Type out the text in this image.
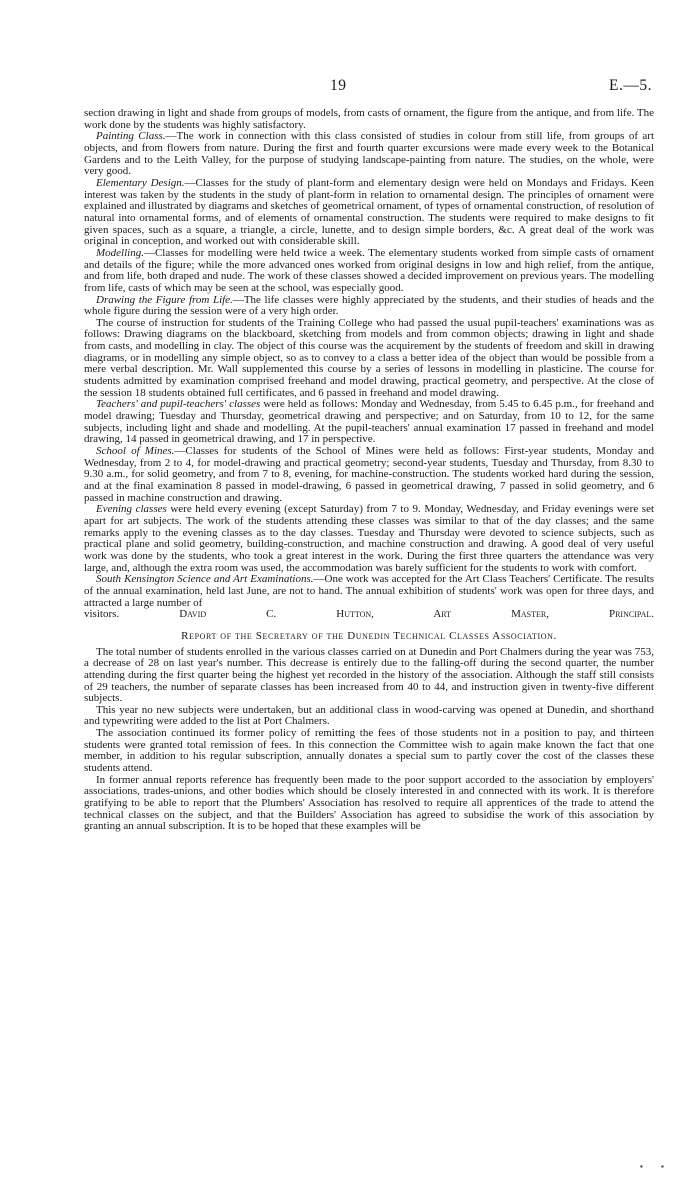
19	E.—5.

section drawing in light and shade from groups of models, from casts of ornament, the figure from the antique, and from life. The work done by the students was highly satisfactory.

Painting Class.—The work in connection with this class consisted of studies in colour from still life, from groups of art objects, and from flowers from nature. During the first and fourth quarter excursions were made every week to the Botanical Gardens and to the Leith Valley, for the purpose of studying landscape-painting from nature. The studies, on the whole, were very good.

Elementary Design.—Classes for the study of plant-form and elementary design were held on Mondays and Fridays. Keen interest was taken by the students in the study of plant-form in relation to ornamental design. The principles of ornament were explained and illustrated by diagrams and sketches of geometrical ornament, of types of ornamental construction, of resolution of natural into ornamental forms, and of elements of ornamental construction. The students were required to make designs to fit given spaces, such as a square, a triangle, a circle, lunette, and to design simple borders, &c. A great deal of the work was original in conception, and worked out with considerable skill.

Modelling.—Classes for modelling were held twice a week. The elementary students worked from simple casts of ornament and details of the figure; while the more advanced ones worked from original designs in low and high relief, from the antique, and from life, both draped and nude. The work of these classes showed a decided improvement on previous years. The modelling from life, casts of which may be seen at the school, was especially good.

Drawing the Figure from Life.—The life classes were highly appreciated by the students, and their studies of heads and the whole figure during the session were of a very high order.

The course of instruction for students of the Training College who had passed the usual pupil-teachers' examinations was as follows: Drawing diagrams on the blackboard, sketching from models and from common objects; drawing in light and shade from casts, and modelling in clay. The object of this course was the acquirement by the students of freedom and skill in drawing diagrams, or in modelling any simple object, so as to convey to a class a better idea of the object than would be possible from a mere verbal description. Mr. Wall supplemented this course by a series of lessons in modelling in plasticine. The course for students admitted by examination comprised freehand and model drawing, practical geometry, and perspective. At the close of the session 18 students obtained full certificates, and 6 passed in freehand and model drawing.

Teachers' and pupil-teachers' classes were held as follows: Monday and Wednesday, from 5.45 to 6.45 p.m., for freehand and model drawing; Tuesday and Thursday, geometrical drawing and perspective; and on Saturday, from 10 to 12, for the same subjects, including light and shade and modelling. At the pupil-teachers' annual examination 17 passed in freehand and model drawing, 14 passed in geometrical drawing, and 17 in perspective.

School of Mines.—Classes for students of the School of Mines were held as follows: First-year students, Monday and Wednesday, from 2 to 4, for model-drawing and practical geometry; second-year students, Tuesday and Thursday, from 8.30 to 9.30 a.m., for solid geometry, and from 7 to 8, evening, for machine-construction. The students worked hard during the session, and at the final examination 8 passed in model-drawing, 6 passed in geometrical drawing, 7 passed in solid geometry, and 6 passed in machine construction and drawing.

Evening classes were held every evening (except Saturday) from 7 to 9. Monday, Wednesday, and Friday evenings were set apart for art subjects. The work of the students attending these classes was similar to that of the day classes; and the same remarks apply to the evening classes as to the day classes. Tuesday and Thursday were devoted to science subjects, such as practical plane and solid geometry, building-construction, and machine construction and drawing. A good deal of very useful work was done by the students, who took a great interest in the work. During the first three quarters the attendance was very large, and, although the extra room was used, the accommodation was barely sufficient for the students to work with comfort.

South Kensington Science and Art Examinations.—One work was accepted for the Art Class Teachers' Certificate. The results of the annual examination, held last June, are not to hand. The annual exhibition of students' work was open for three days, and attracted a large number of

visitors.	David C. Hutton, Art Master, Principal.

Report of the Secretary of the Dunedin Technical Classes Association.

The total number of students enrolled in the various classes carried on at Dunedin and Port Chalmers during the year was 753, a decrease of 28 on last year's number. This decrease is entirely due to the falling-off during the second quarter, the number attending during the first quarter being the highest yet recorded in the history of the association. Although the staff still consists of 29 teachers, the number of separate classes has been increased from 40 to 44, and instruction given in twenty-five different subjects.

This year no new subjects were undertaken, but an additional class in wood-carving was opened at Dunedin, and shorthand and typewriting were added to the list at Port Chalmers.

The association continued its former policy of remitting the fees of those students not in a position to pay, and thirteen students were granted total remission of fees. In this connection the Committee wish to again make known the fact that one member, in addition to his regular subscription, annually donates a special sum to partly cover the cost of the classes these students attend.

In former annual reports reference has frequently been made to the poor support accorded to the association by employers' associations, trades-unions, and other bodies which should be closely interested in and connected with its work. It is therefore gratifying to be able to report that the Plumbers' Association has resolved to require all apprentices of the trade to attend the technical classes on the subject, and that the Builders' Association has agreed to subsidise the work of this association by granting an annual subscription. It is to be hoped that these examples will be

▪ ▪
